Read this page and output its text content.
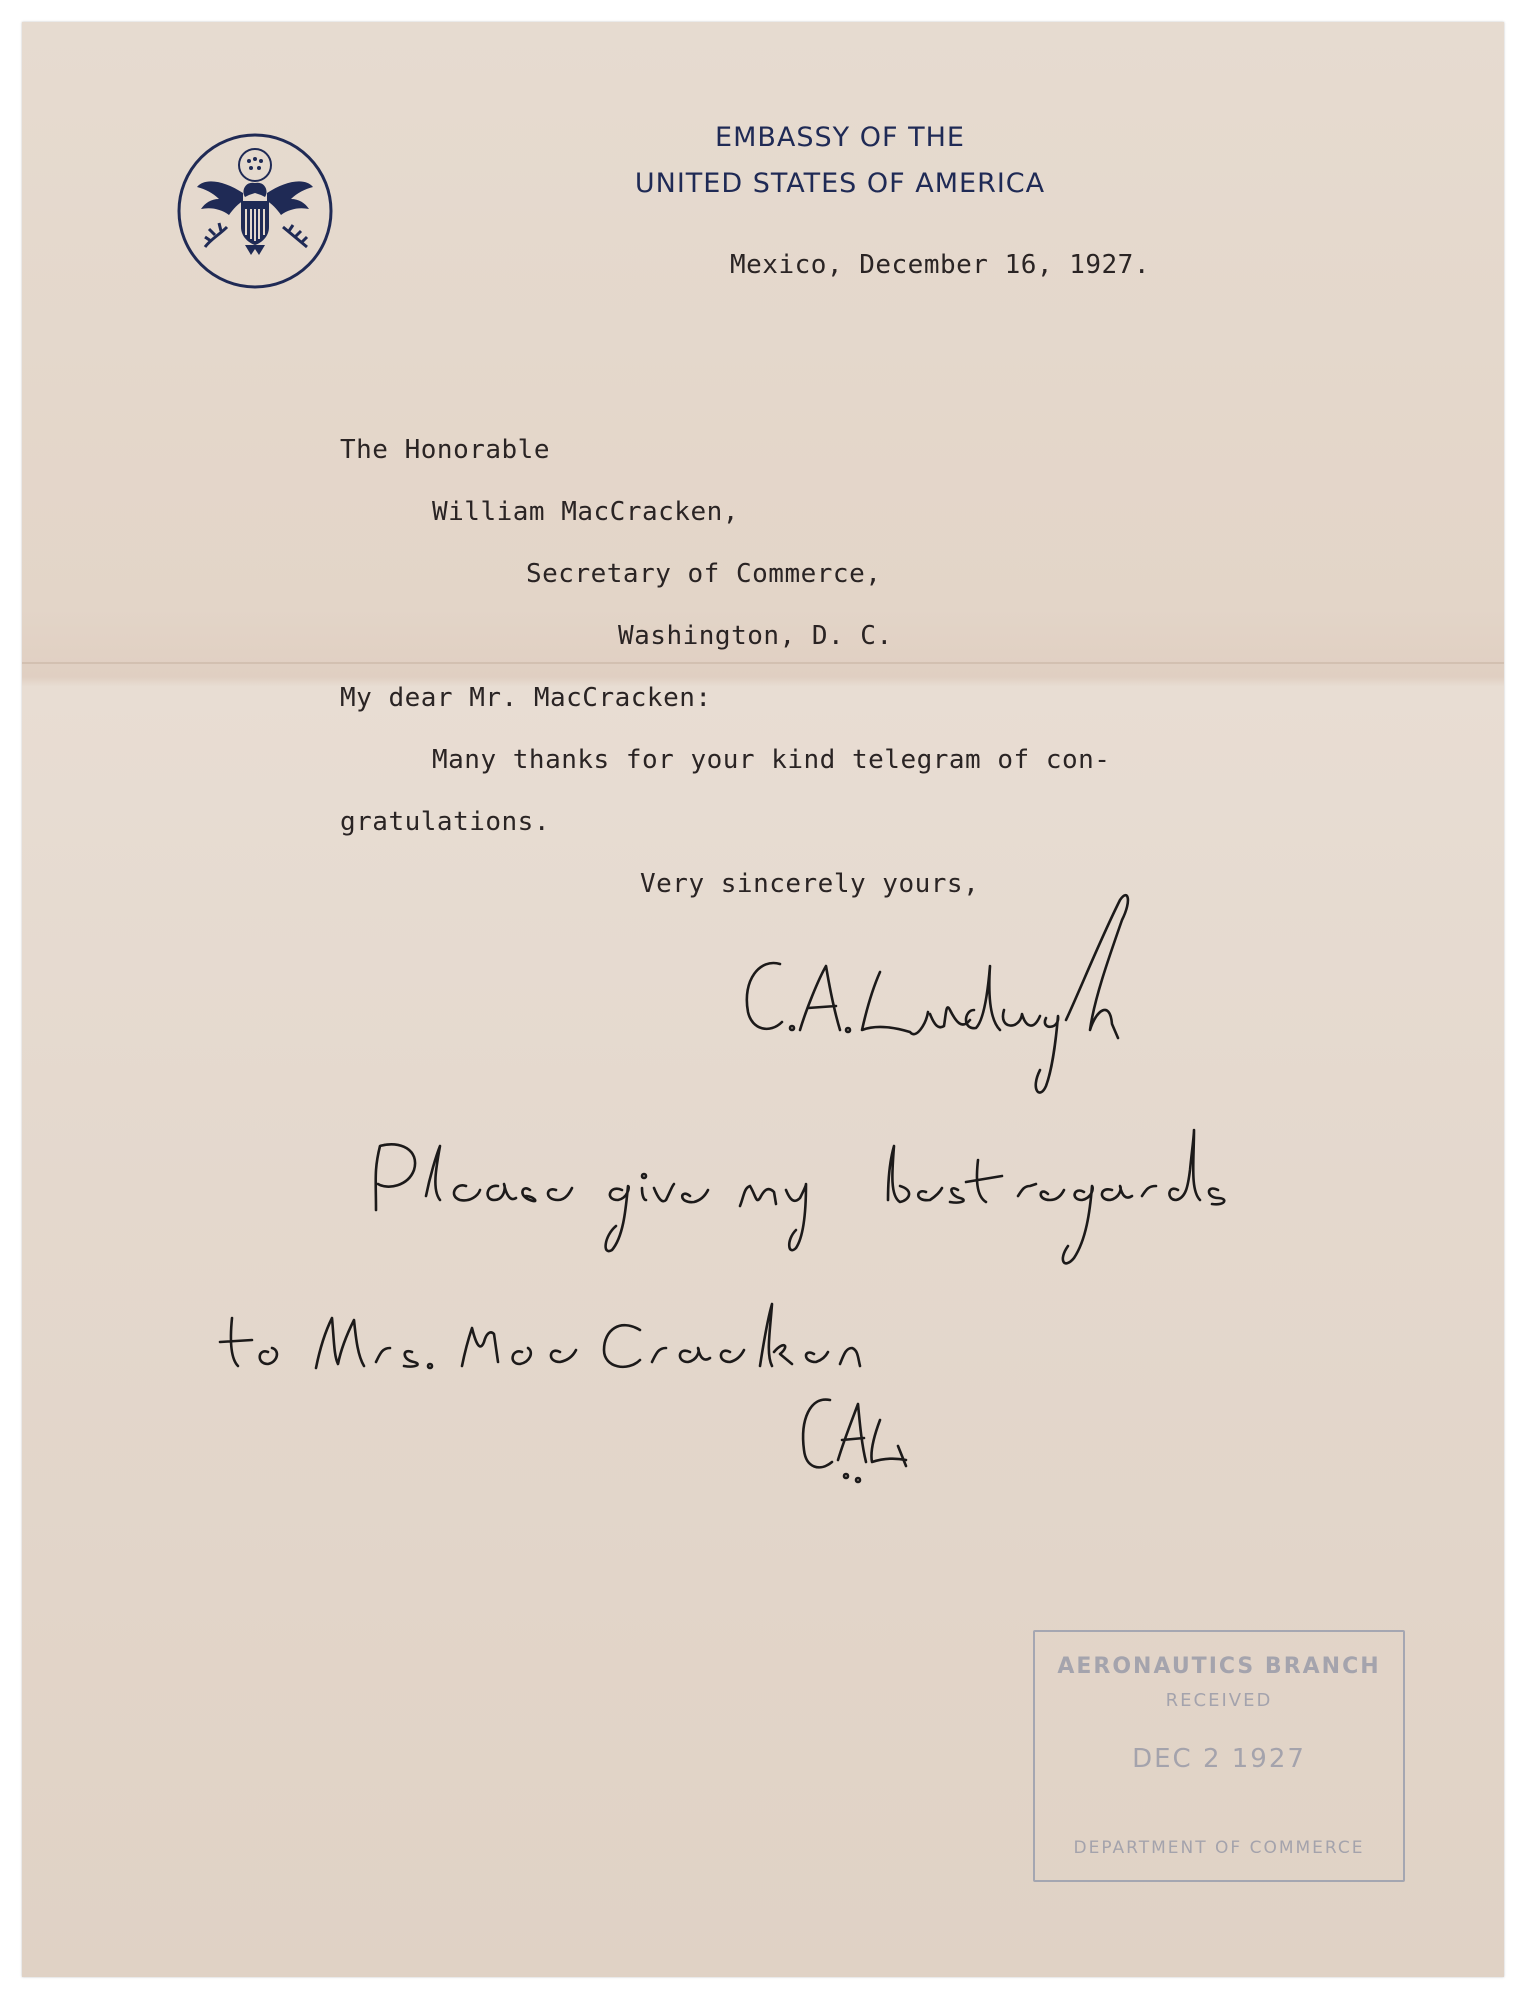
EMBASSY OF THE
UNITED STATES OF AMERICA
Mexico, December 16, 1927.
The Honorable
William MacCracken,
Secretary of Commerce,
Washington, D. C.
My dear Mr. MacCracken:
Many thanks for your kind telegram of con-
gratulations.
Very sincerely yours,
AERONAUTICS BRANCH
RECEIVED
DEC 2 1927
DEPARTMENT OF COMMERCE
